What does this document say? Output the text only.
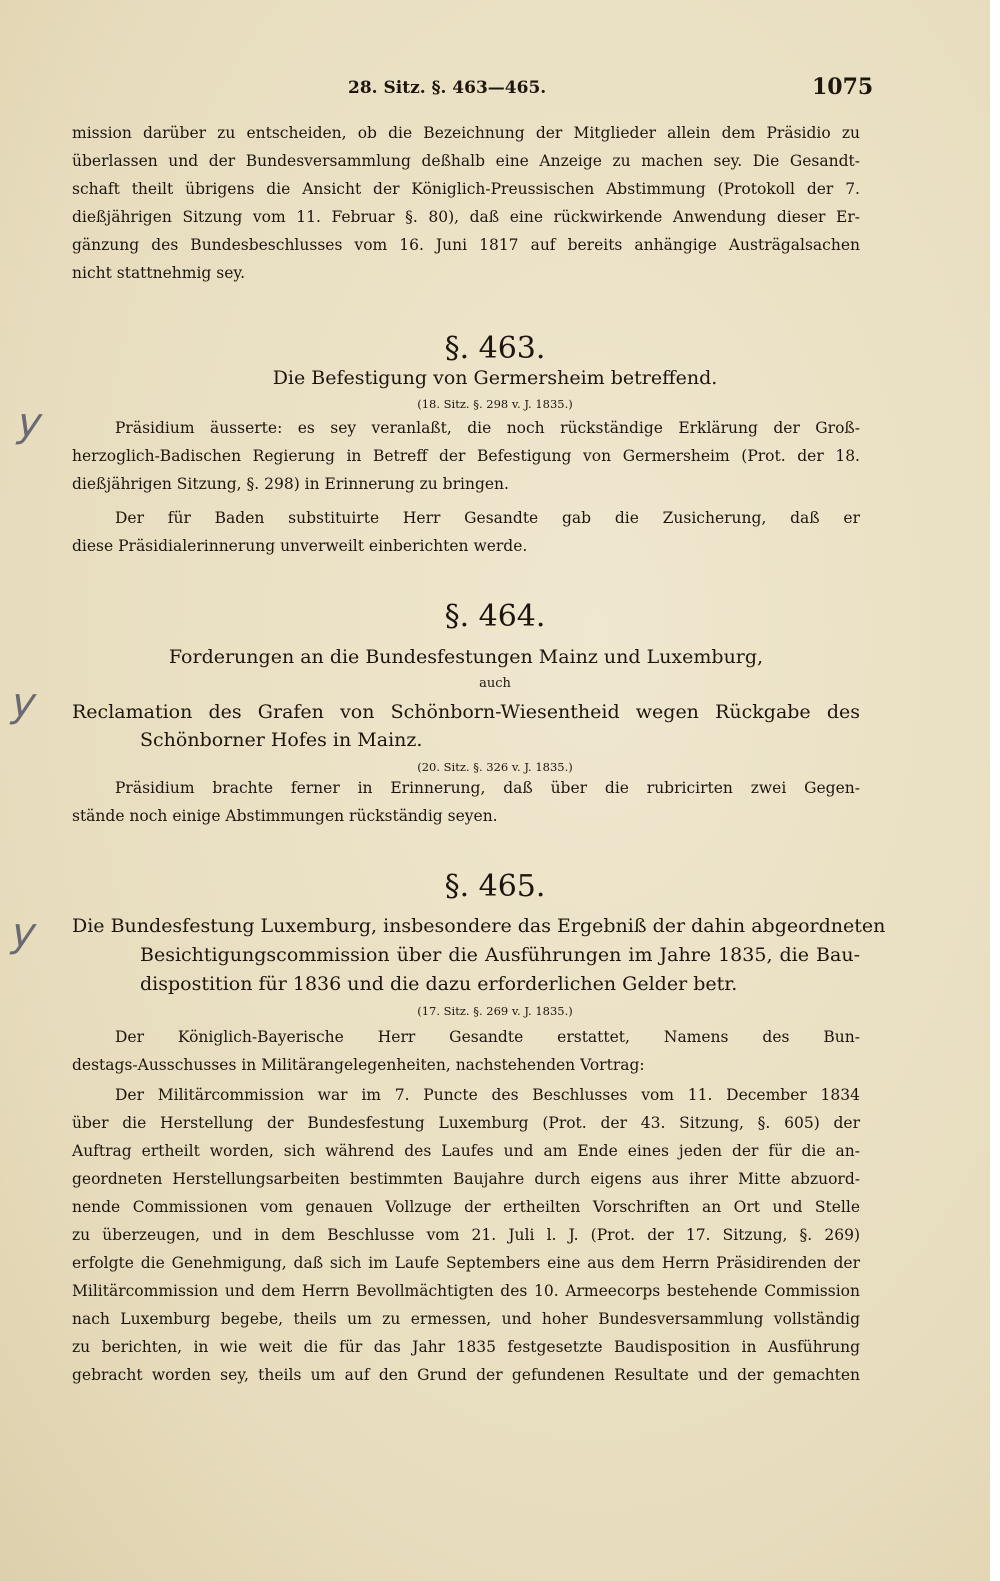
28. Sitz. §. 463—465.	1075
mission darüber zu entscheiden, ob die Bezeichnung der Mitglieder allein dem Präsidio zu
überlassen und der Bundesversammlung deßhalb eine Anzeige zu machen sey. Die Gesandt-
schaft theilt übrigens die Ansicht der Königlich-Preussischen Abstimmung (Protokoll der 7.
dießjährigen Sitzung vom 11. Februar §. 80), daß eine rückwirkende Anwendung dieser Er-
gänzung des Bundesbeschlusses vom 16. Juni 1817 auf bereits anhängige Austrägalsachen
nicht stattnehmig sey.
§. 463.
Die Befestigung von Germersheim betreffend.
(18. Sitz. §. 298 v. J. 1835.)
Präsidium äusserte: es sey veranlaßt, die noch rückständige Erklärung der Groß-
herzoglich-Badischen Regierung in Betreff der Befestigung von Germersheim (Prot. der 18.
dießjährigen Sitzung, §. 298) in Erinnerung zu bringen.
Der für Baden substituirte Herr Gesandte gab die Zusicherung, daß er
diese Präsidialerinnerung unverweilt einberichten werde.
§. 464.
Forderungen an die Bundesfestungen Mainz und Luxemburg,
auch
Reclamation des Grafen von Schönborn-Wiesentheid wegen Rückgabe des
Schönborner Hofes in Mainz.
(20. Sitz. §. 326 v. J. 1835.)
Präsidium brachte ferner in Erinnerung, daß über die rubricirten zwei Gegen-
stände noch einige Abstimmungen rückständig seyen.
§. 465.
Die Bundesfestung Luxemburg, insbesondere das Ergebniß der dahin abgeordneten
Besichtigungscommission über die Ausführungen im Jahre 1835, die Bau-
dispostition für 1836 und die dazu erforderlichen Gelder betr.
(17. Sitz. §. 269 v. J. 1835.)
Der Königlich-Bayerische Herr Gesandte erstattet, Namens des Bun-
destags-Ausschusses in Militärangelegenheiten, nachstehenden Vortrag:
Der Militärcommission war im 7. Puncte des Beschlusses vom 11. December 1834
über die Herstellung der Bundesfestung Luxemburg (Prot. der 43. Sitzung, §. 605) der
Auftrag ertheilt worden, sich während des Laufes und am Ende eines jeden der für die an-
geordneten Herstellungsarbeiten bestimmten Baujahre durch eigens aus ihrer Mitte abzuord-
nende Commissionen vom genauen Vollzuge der ertheilten Vorschriften an Ort und Stelle
zu überzeugen, und in dem Beschlusse vom 21. Juli l. J. (Prot. der 17. Sitzung, §. 269)
erfolgte die Genehmigung, daß sich im Laufe Septembers eine aus dem Herrn Präsidirenden der
Militärcommission und dem Herrn Bevollmächtigten des 10. Armeecorps bestehende Commission
nach Luxemburg begebe, theils um zu ermessen, und hoher Bundesversammlung vollständig
zu berichten, in wie weit die für das Jahr 1835 festgesetzte Baudisposition in Ausführung
gebracht worden sey, theils um auf den Grund der gefundenen Resultate und der gemachten
y
y
y
